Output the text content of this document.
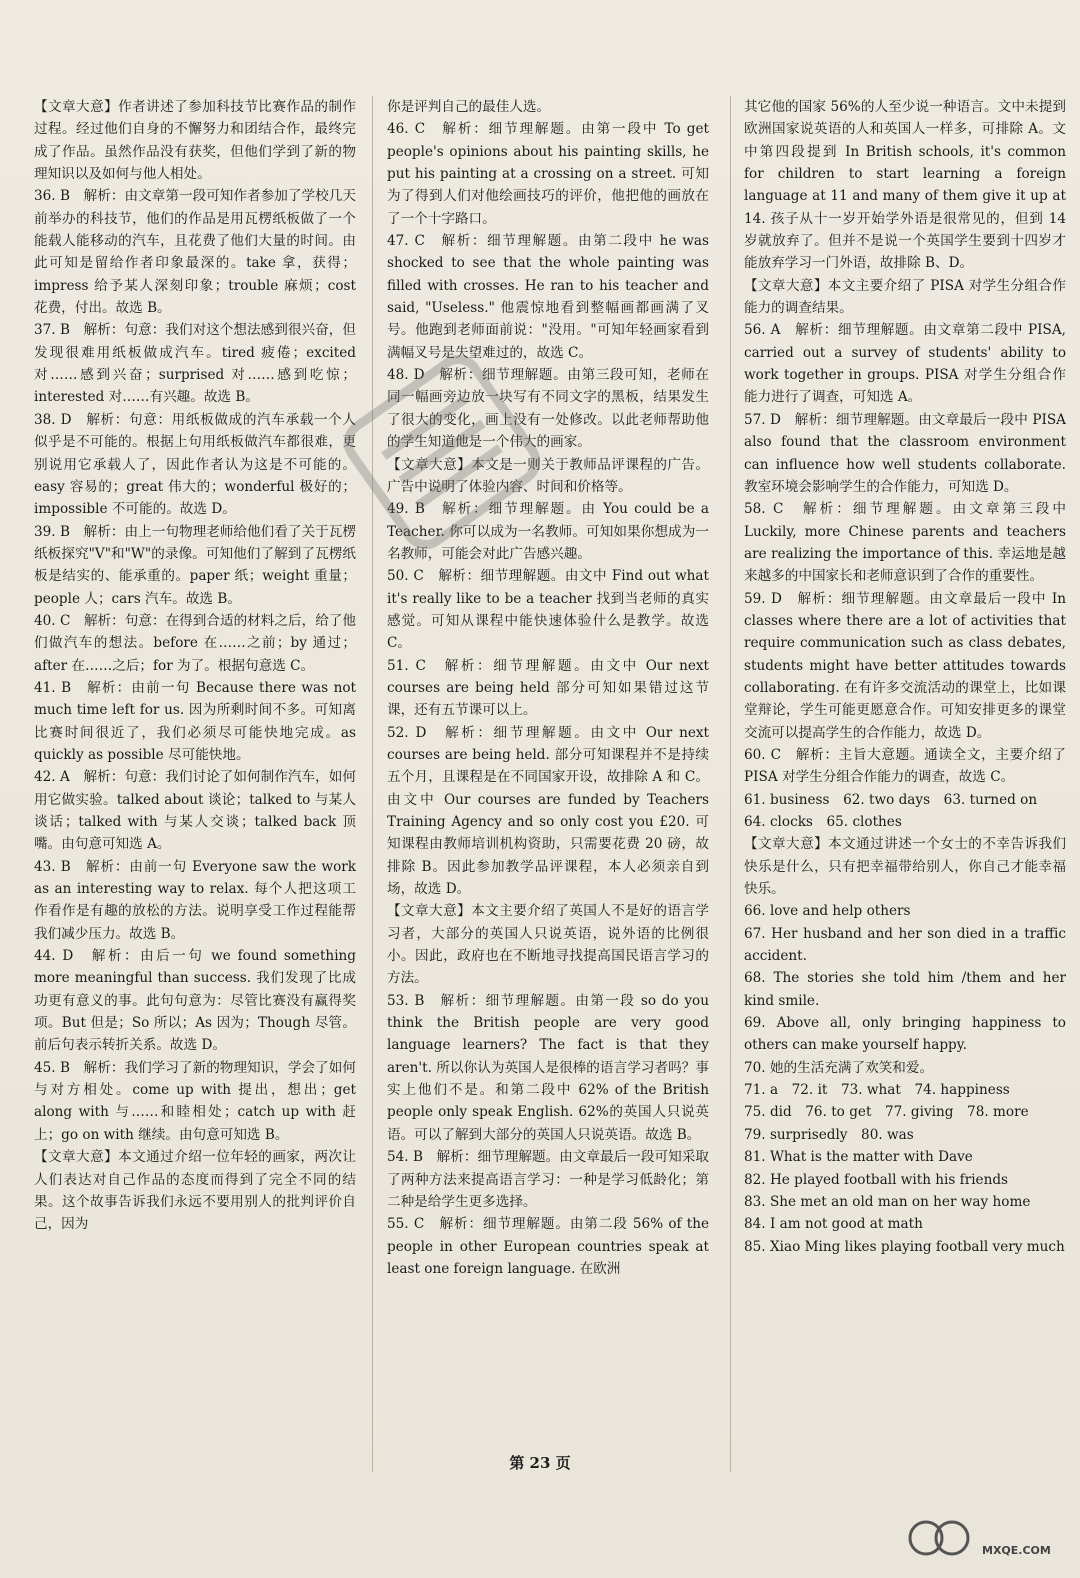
【文章大意】作者讲述了参加科技节比赛作品的制作过程。经过他们自身的不懈努力和团结合作，最终完成了作品。虽然作品没有获奖，但他们学到了新的物理知识以及如何与他人相处。

36. B　解析：由文章第一段可知作者参加了学校几天前举办的科技节，他们的作品是用瓦楞纸板做了一个能载人能移动的汽车，且花费了他们大量的时间。由此可知是留给作者印象最深的。take 拿，获得；impress 给予某人深刻印象；trouble 麻烦；cost 花费，付出。故选 B。

37. B　解析：句意：我们对这个想法感到很兴奋，但发现很难用纸板做成汽车。tired 疲倦；excited 对……感到兴奋；surprised 对……感到吃惊；interested 对……有兴趣。故选 B。

38. D　解析：句意：用纸板做成的汽车承载一个人似乎是不可能的。根据上句用纸板做汽车都很难，更别说用它承载人了，因此作者认为这是不可能的。easy 容易的；great 伟大的；wonderful 极好的；impossible 不可能的。故选 D。

39. B　解析：由上一句物理老师给他们看了关于瓦楞纸板探究"V"和"W"的录像。可知他们了解到了瓦楞纸板是结实的、能承重的。paper 纸；weight 重量；people 人；cars 汽车。故选 B。

40. C　解析：句意：在得到合适的材料之后，给了他们做汽车的想法。before 在……之前；by 通过；after 在……之后；for 为了。根据句意选 C。

41. B　解析：由前一句 Because there was not much time left for us. 因为所剩时间不多。可知离比赛时间很近了，我们必须尽可能快地完成。as quickly as possible 尽可能快地。

42. A　解析：句意：我们讨论了如何制作汽车，如何用它做实验。talked about 谈论；talked to 与某人谈话；talked with 与某人交谈；talked back 顶嘴。由句意可知选 A。

43. B　解析：由前一句 Everyone saw the work as an interesting way to relax. 每个人把这项工作看作是有趣的放松的方法。说明享受工作过程能帮我们减少压力。故选 B。

44. D　解析：由后一句 we found something more meaningful than success. 我们发现了比成功更有意义的事。此句句意为：尽管比赛没有赢得奖项。But 但是；So 所以；As 因为；Though 尽管。前后句表示转折关系。故选 D。

45. B　解析：我们学习了新的物理知识，学会了如何与对方相处。come up with 提出，想出；get along with 与……和睦相处；catch up with 赶上；go on with 继续。由句意可知选 B。

【文章大意】本文通过介绍一位年轻的画家，两次让人们表达对自己作品的态度而得到了完全不同的结果。这个故事告诉我们永远不要用别人的批判评价自己，因为

你是评判自己的最佳人选。

46. C　解析：细节理解题。由第一段中 To get people's opinions about his painting skills, he put his painting at a crossing on a street. 可知为了得到人们对他绘画技巧的评价，他把他的画放在了一个十字路口。

47. C　解析：细节理解题。由第二段中 he was shocked to see that the whole painting was filled with crosses. He ran to his teacher and said, "Useless." 他震惊地看到整幅画都画满了叉号。他跑到老师面前说："没用。"可知年轻画家看到满幅叉号是失望难过的，故选 C。

48. D　解析：细节理解题。由第三段可知，老师在同一幅画旁边放一块写有不同文字的黑板，结果发生了很大的变化，画上没有一处修改。以此老师帮助他的学生知道他是一个伟大的画家。

【文章大意】本文是一则关于教师品评课程的广告。广告中说明了体验内容、时间和价格等。

49. B　解析：细节理解题。由 You could be a Teacher. 你可以成为一名教师。可知如果你想成为一名教师，可能会对此广告感兴趣。

50. C　解析：细节理解题。由文中 Find out what it's really like to be a teacher 找到当老师的真实感觉。可知从课程中能快速体验什么是教学。故选 C。

51. C　解析：细节理解题。由文中 Our next courses are being held 部分可知如果错过这节课，还有五节课可以上。

52. D　解析：细节理解题。由文中 Our next courses are being held. 部分可知课程并不是持续五个月，且课程是在不同国家开设，故排除 A 和 C。由文中 Our courses are funded by Teachers Training Agency and so only cost you £20. 可知课程由教师培训机构资助，只需要花费 20 磅，故排除 B。因此参加教学品评课程，本人必须亲自到场，故选 D。

【文章大意】本文主要介绍了英国人不是好的语言学习者，大部分的英国人只说英语，说外语的比例很小。因此，政府也在不断地寻找提高国民语言学习的方法。

53. B　解析：细节理解题。由第一段 so do you think the British people are very good language learners? The fact is that they aren't. 所以你认为英国人是很棒的语言学习者吗？事实上他们不是。和第二段中 62% of the British people only speak English. 62%的英国人只说英语。可以了解到大部分的英国人只说英语。故选 B。

54. B　解析：细节理解题。由文章最后一段可知采取了两种方法来提高语言学习：一种是学习低龄化；第二种是给学生更多选择。

55. C　解析：细节理解题。由第二段 56% of the people in other European countries speak at least one foreign language. 在欧洲

其它他的国家 56%的人至少说一种语言。文中未提到欧洲国家说英语的人和英国人一样多，可排除 A。文中第四段提到 In British schools, it's common for children to start learning a foreign language at 11 and many of them give it up at 14. 孩子从十一岁开始学外语是很常见的，但到 14 岁就放弃了。但并不是说一个英国学生要到十四岁才能放弃学习一门外语，故排除 B、D。

【文章大意】本文主要介绍了 PISA 对学生分组合作能力的调查结果。

56. A　解析：细节理解题。由文章第二段中 PISA, carried out a survey of students' ability to work together in groups. PISA 对学生分组合作能力进行了调查，可知选 A。

57. D　解析：细节理解题。由文章最后一段中 PISA also found that the classroom environment can influence how well students collaborate. 教室环境会影响学生的合作能力，可知选 D。

58. C　解析：细节理解题。由文章第三段中 Luckily, more Chinese parents and teachers are realizing the importance of this. 幸运地是越来越多的中国家长和老师意识到了合作的重要性。

59. D　解析：细节理解题。由文章最后一段中 In classes where there are a lot of activities that require communication such as class debates, students might have better attitudes towards collaborating. 在有许多交流活动的课堂上，比如课堂辩论，学生可能更愿意合作。可知安排更多的课堂交流可以提高学生的合作能力，故选 D。

60. C　解析：主旨大意题。通读全文，主要介绍了 PISA 对学生分组合作能力的调查，故选 C。

61. business　62. two days　63. turned on

64. clocks　65. clothes

【文章大意】本文通过讲述一个女士的不幸告诉我们快乐是什么，只有把幸福带给别人，你自己才能幸福快乐。

66. love and help others

67. Her husband and her son died in a traffic accident.

68. The stories she told him /them and her kind smile.

69. Above all, only bringing happiness to others can make yourself happy.

70. 她的生活充满了欢笑和爱。

71. a　72. it　73. what　74. happiness

75. did　76. to get　77. giving　78. more

79. surprisedly　80. was

81. What is the matter with Dave

82. He played football with his friends

83. She met an old man on her way home

84. I am not good at math

85. Xiao Ming likes playing football very much

第 23 页
MXQE.COM
